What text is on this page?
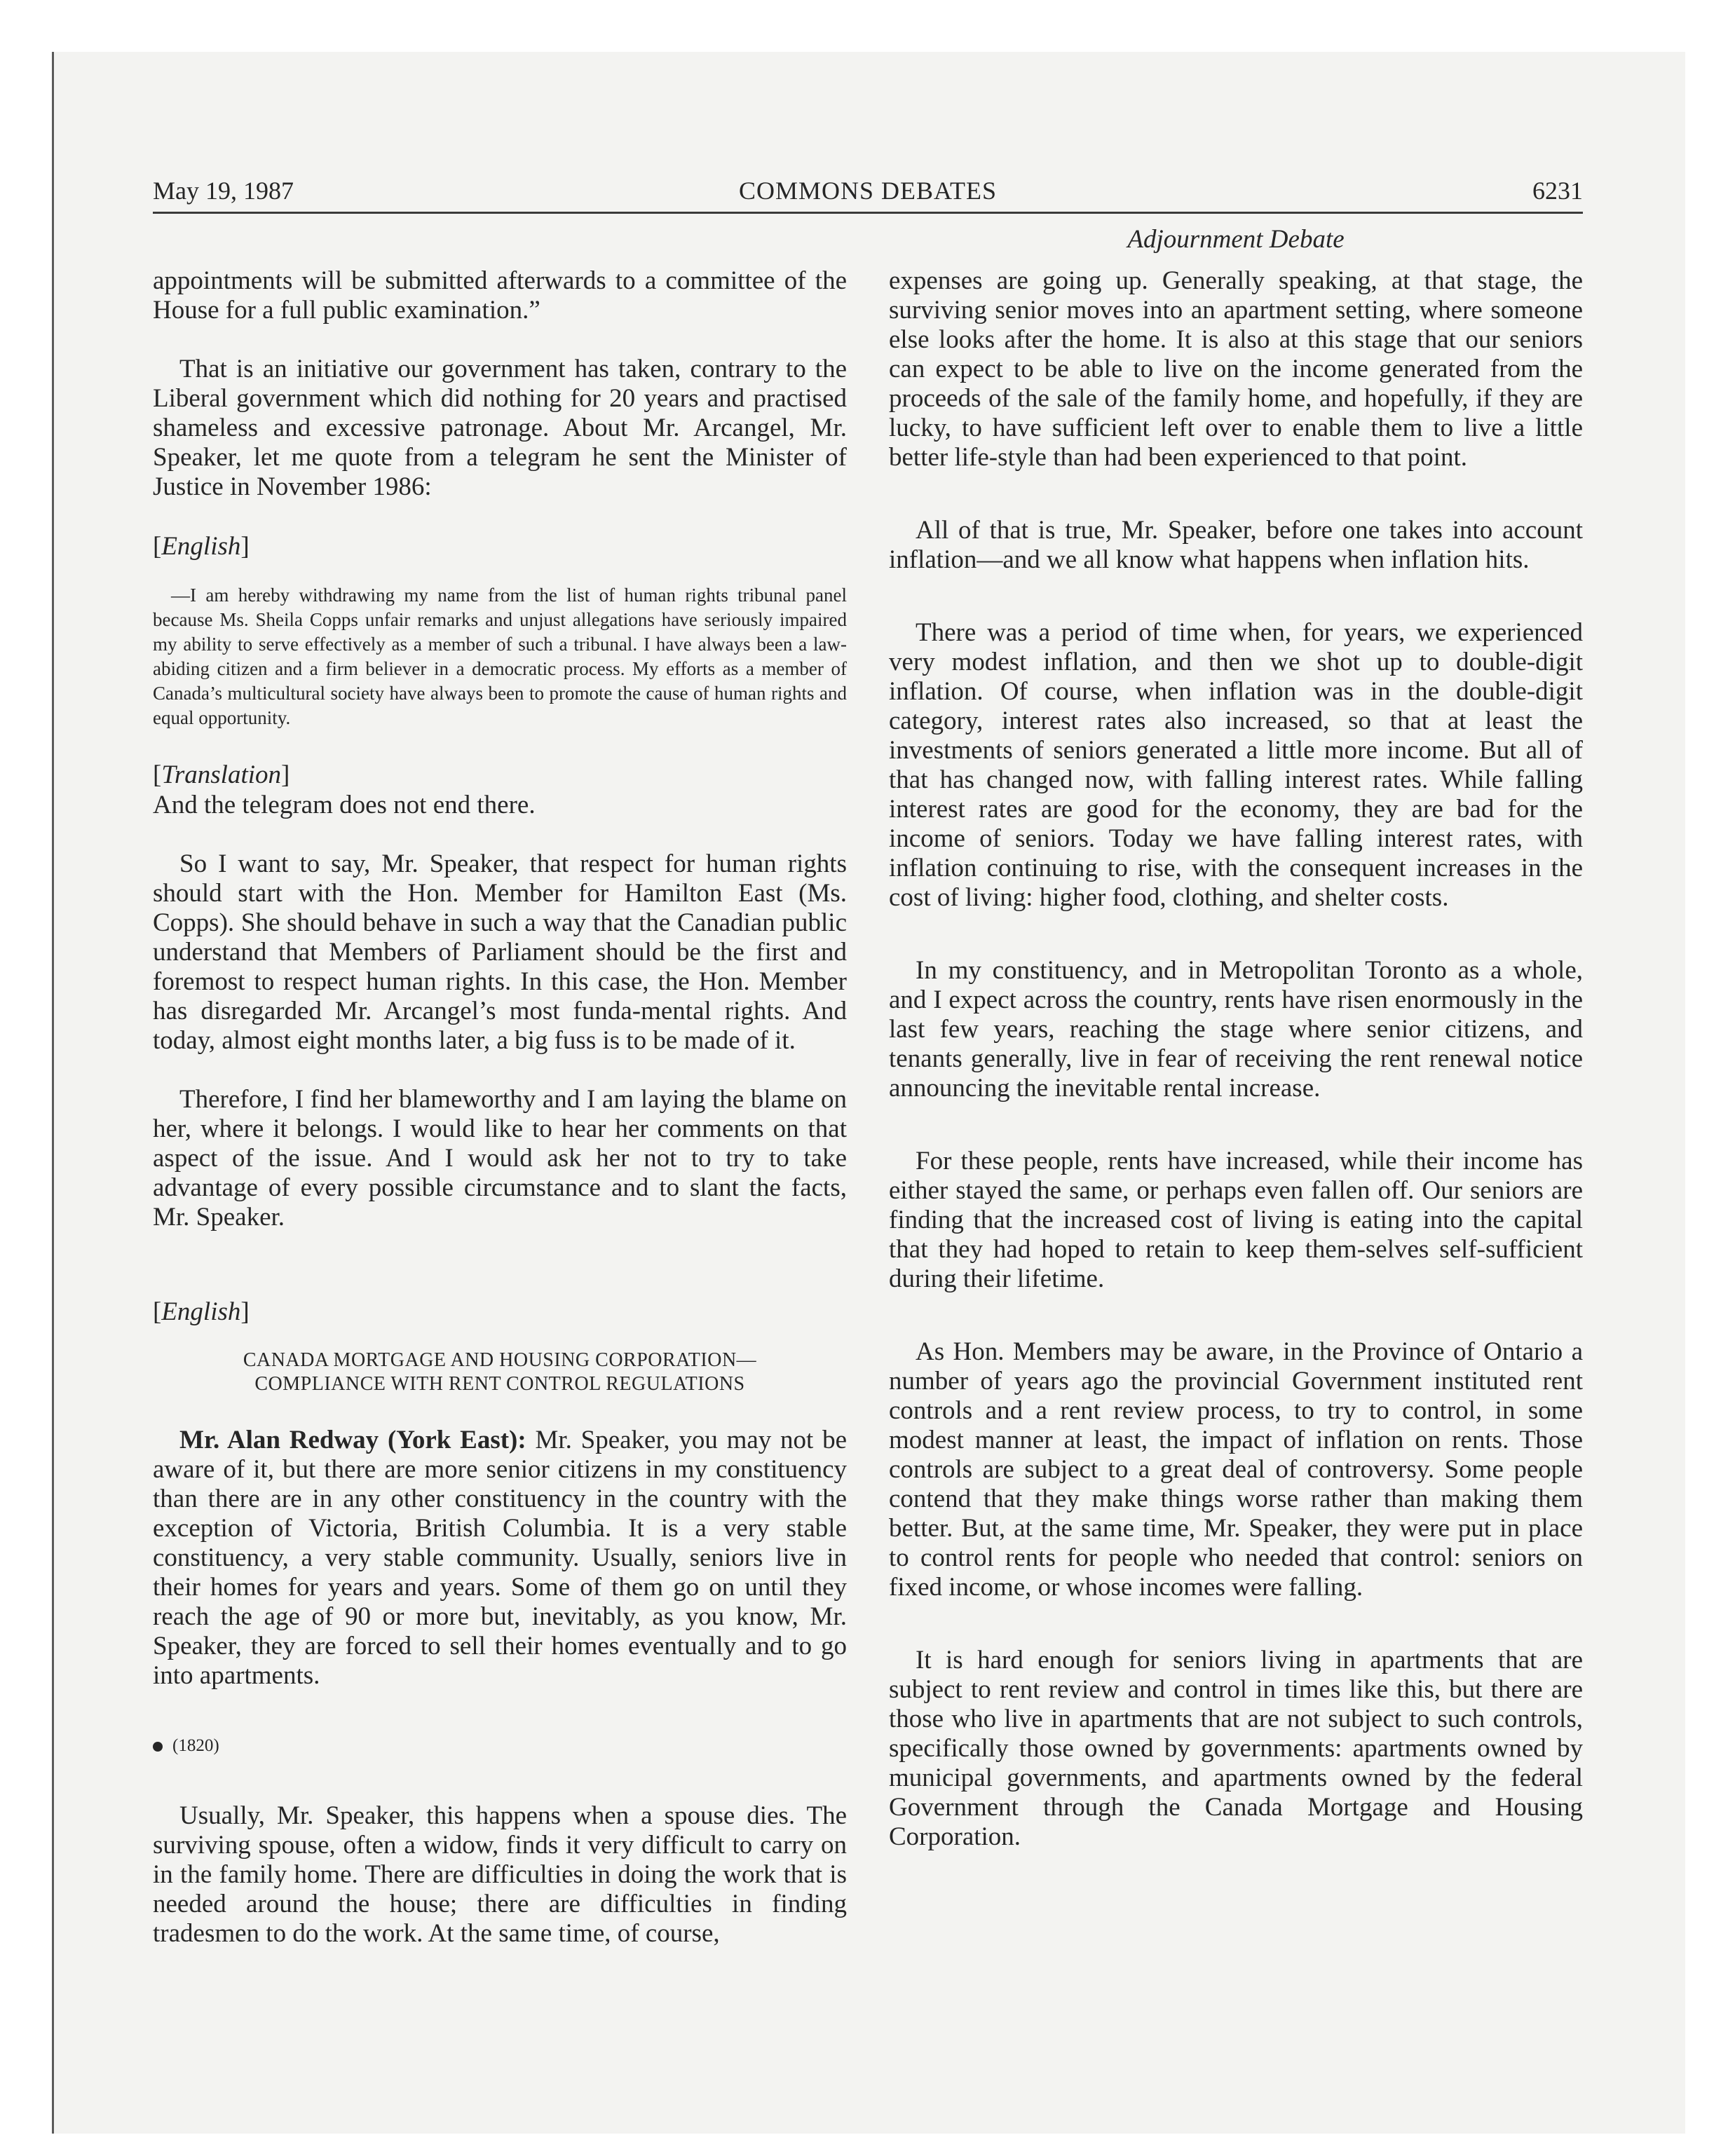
May 19, 1987	COMMONS DEBATES	6231
Adjournment Debate

appointments will be submitted afterwards to a committee of the House for a full public examination.”

That is an initiative our government has taken, contrary to the Liberal government which did nothing for 20 years and practised shameless and excessive patronage. About Mr. Arcangel, Mr. Speaker, let me quote from a telegram he sent the Minister of Justice in November 1986:

[English]

—I am hereby withdrawing my name from the list of human rights tribunal panel because Ms. Sheila Copps unfair remarks and unjust allegations have seriously impaired my ability to serve effectively as a member of such a tribunal. I have always been a law-abiding citizen and a firm believer in a democratic process. My efforts as a member of Canada’s multicultural society have always been to promote the cause of human rights and equal opportunity.

[Translation]

And the telegram does not end there.

So I want to say, Mr. Speaker, that respect for human rights should start with the Hon. Member for Hamilton East (Ms. Copps). She should behave in such a way that the Canadian public understand that Members of Parliament should be the first and foremost to respect human rights. In this case, the Hon. Member has disregarded Mr. Arcangel’s most funda-mental rights. And today, almost eight months later, a big fuss is to be made of it.

Therefore, I find her blameworthy and I am laying the blame on her, where it belongs. I would like to hear her comments on that aspect of the issue. And I would ask her not to try to take advantage of every possible circumstance and to slant the facts, Mr. Speaker.

[English]

CANADA MORTGAGE AND HOUSING CORPORATION—

COMPLIANCE WITH RENT CONTROL REGULATIONS

Mr. Alan Redway (York East): Mr. Speaker, you may not be aware of it, but there are more senior citizens in my constituency than there are in any other constituency in the country with the exception of Victoria, British Columbia. It is a very stable constituency, a very stable community. Usually, seniors live in their homes for years and years. Some of them go on until they reach the age of 90 or more but, inevitably, as you know, Mr. Speaker, they are forced to sell their homes eventually and to go into apartments.

(1820)

Usually, Mr. Speaker, this happens when a spouse dies. The surviving spouse, often a widow, finds it very difficult to carry on in the family home. There are difficulties in doing the work that is needed around the house; there are difficulties in finding tradesmen to do the work. At the same time, of course,

expenses are going up. Generally speaking, at that stage, the surviving senior moves into an apartment setting, where someone else looks after the home. It is also at this stage that our seniors can expect to be able to live on the income generated from the proceeds of the sale of the family home, and hopefully, if they are lucky, to have sufficient left over to enable them to live a little better life-style than had been experienced to that point.

All of that is true, Mr. Speaker, before one takes into account inflation—and we all know what happens when inflation hits.

There was a period of time when, for years, we experienced very modest inflation, and then we shot up to double-digit inflation. Of course, when inflation was in the double-digit category, interest rates also increased, so that at least the investments of seniors generated a little more income. But all of that has changed now, with falling interest rates. While falling interest rates are good for the economy, they are bad for the income of seniors. Today we have falling interest rates, with inflation continuing to rise, with the consequent increases in the cost of living: higher food, clothing, and shelter costs.

In my constituency, and in Metropolitan Toronto as a whole, and I expect across the country, rents have risen enormously in the last few years, reaching the stage where senior citizens, and tenants generally, live in fear of receiving the rent renewal notice announcing the inevitable rental increase.

For these people, rents have increased, while their income has either stayed the same, or perhaps even fallen off. Our seniors are finding that the increased cost of living is eating into the capital that they had hoped to retain to keep them-selves self-sufficient during their lifetime.

As Hon. Members may be aware, in the Province of Ontario a number of years ago the provincial Government instituted rent controls and a rent review process, to try to control, in some modest manner at least, the impact of inflation on rents. Those controls are subject to a great deal of controversy. Some people contend that they make things worse rather than making them better. But, at the same time, Mr. Speaker, they were put in place to control rents for people who needed that control: seniors on fixed income, or whose incomes were falling.

It is hard enough for seniors living in apartments that are subject to rent review and control in times like this, but there are those who live in apartments that are not subject to such controls, specifically those owned by governments: apartments owned by municipal governments, and apartments owned by the federal Government through the Canada Mortgage and Housing Corporation.
